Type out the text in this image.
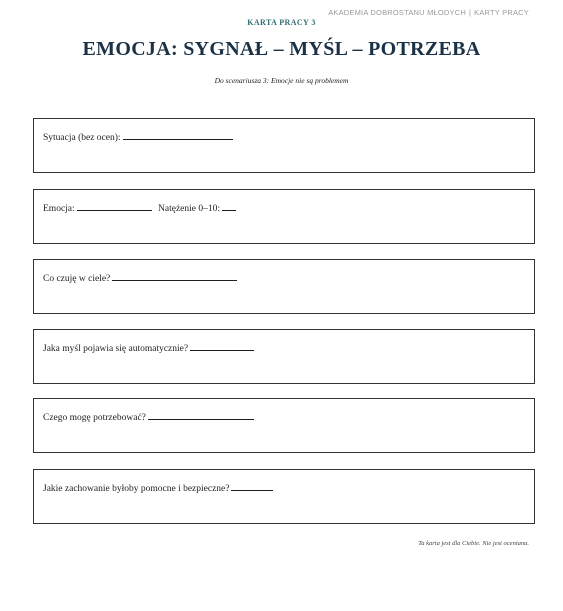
AKADEMIA DOBROSTANU MŁODYCH | KARTY PRACY
KARTA PRACY 3
EMOCJA: SYGNAŁ – MYŚL – POTRZEBA
Do scenariusza 3: Emocje nie są problemem
Sytuacja (bez ocen):
Emocja:	Natężenie 0–10:
Co czuję w ciele?
Jaka myśl pojawia się automatycznie?
Czego mogę potrzebować?
Jakie zachowanie byłoby pomocne i bezpieczne?
Ta karta jest dla Ciebie. Nie jest oceniana.
